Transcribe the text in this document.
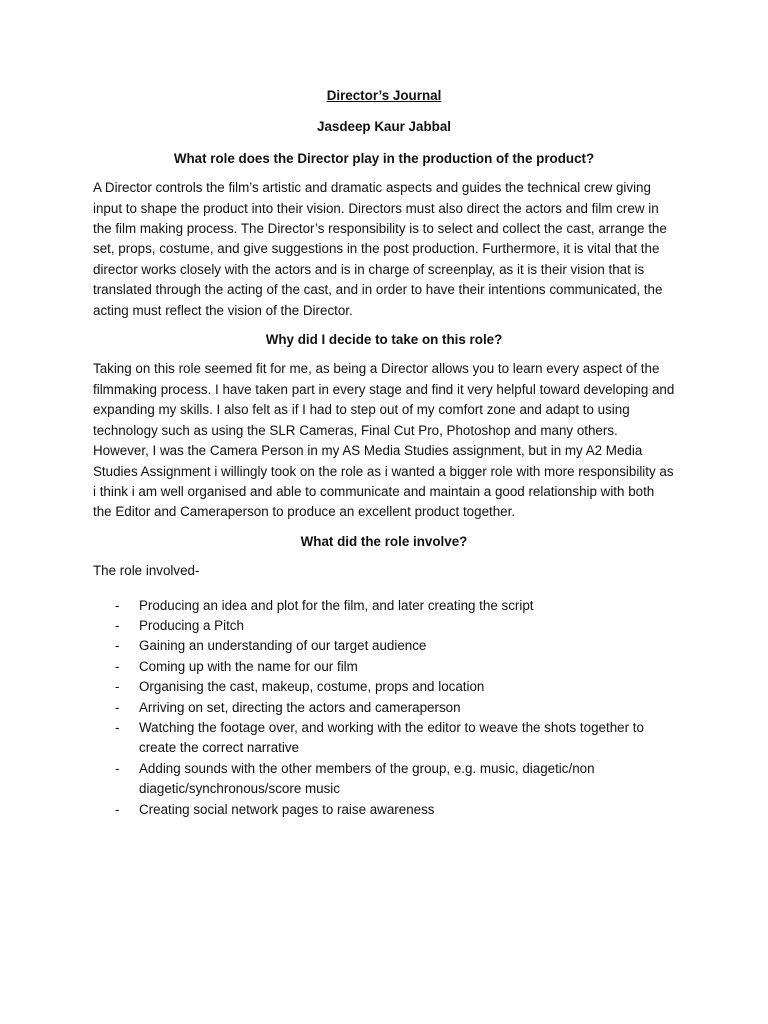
Director’s Journal
Jasdeep Kaur Jabbal
What role does the Director play in the production of the product?
A Director controls the film’s artistic and dramatic aspects and guides the technical crew giving input to shape the product into their vision. Directors must also direct the actors and film crew in the film making process. The Director’s responsibility is to select and collect the cast, arrange the set, props, costume, and give suggestions in the post production. Furthermore, it is vital that the director works closely with the actors and is in charge of screenplay, as it is their vision that is translated through the acting of the cast, and in order to have their intentions communicated, the acting must reflect the vision of the Director.
Why did I decide to take on this role?
Taking on this role seemed fit for me, as being a Director allows you to learn every aspect of the filmmaking process. I have taken part in every stage and find it very helpful toward developing and expanding my skills. I also felt as if I had to step out of my comfort zone and adapt to using technology such as using the SLR Cameras, Final Cut Pro, Photoshop and many others. However, I was the Camera Person in my AS Media Studies assignment, but in my A2 Media Studies Assignment i willingly took on the role as i wanted a bigger role with more responsibility as i think i am well organised and able to communicate and maintain a good relationship with both the Editor and Cameraperson to produce an excellent product together.
What did the role involve?
The role involved-
- Producing an idea and plot for the film, and later creating the script
- Producing a Pitch
- Gaining an understanding of our target audience
- Coming up with the name for our film
- Organising the cast, makeup, costume, props and location
- Arriving on set, directing the actors and cameraperson
- Watching the footage over, and working with the editor to weave the shots together to create the correct narrative
- Adding sounds with the other members of the group, e.g. music, diagetic/non diagetic/synchronous/score music
- Creating social network pages to raise awareness
